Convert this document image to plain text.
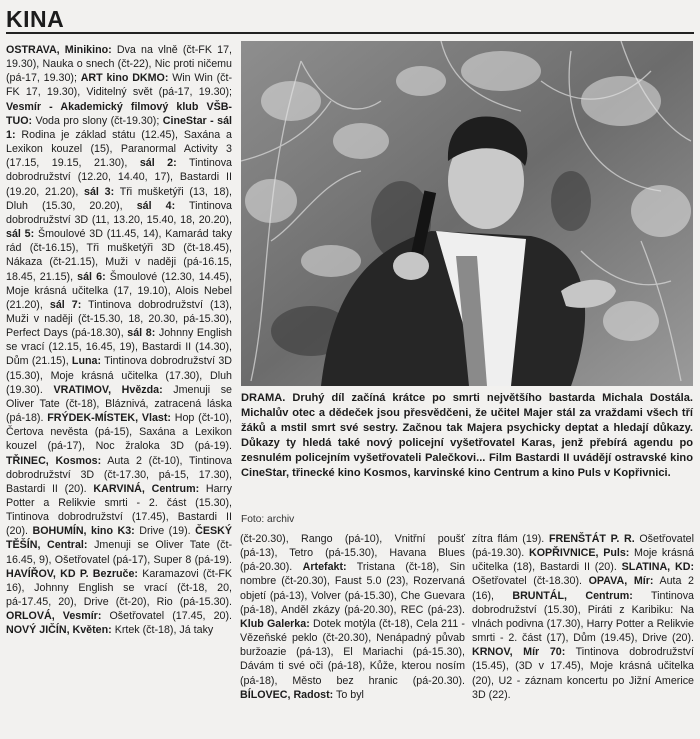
KINA
OSTRAVA, Minikino: Dva na vlně (čt-FK 17, 19.30), Nauka o snech (čt-22), Nic proti ničemu (pá-17, 19.30); ART kino DKMO: Win Win (čt-FK 17, 19.30), Viditelný svět (pá-17, 19.30); Vesmír - Akademický filmový klub VŠB-TUO: Voda pro slony (čt-19.30); CineStar - sál 1: Rodina je základ státu (12.45), Saxána a Lexikon kouzel (15), Paranormal Activity 3 (17.15, 19.15, 21.30), sál 2: Tintinova dobrodružství (12.20, 14.40, 17), Bastardi II (19.20, 21.20), sál 3: Tři mušketýři (13, 18), Dluh (15.30, 20.20), sál 4: Tintinova dobrodružství 3D (11, 13.20, 15.40, 18, 20.20), sál 5: Šmoulové 3D (11.45, 14), Kamarád taky rád (čt-16.15), Tři mušketýři 3D (čt-18.45), Nákaza (čt-21.15), Muži v naději (pá-16.15, 18.45, 21.15), sál 6: Šmoulové (12.30, 14.45), Moje krásná učitelka (17, 19.10), Alois Nebel (21.20), sál 7: Tintinova dobrodružství (13), Muži v naději (čt-15.30, 18, 20.30, pá-15.30), Perfect Days (pá-18.30), sál 8: Johnny English se vrací (12.15, 16.45, 19), Bastardi II (14.30), Dům (21.15), Luna: Tintinova dobrodružství 3D (15.30), Moje krásná učitelka (17.30), Dluh (19.30). VRATIMOV, Hvězda: Jmenuji se Oliver Tate (čt-18), Bláznivá, zatracená láska (pá-18). FRÝDEK-MÍSTEK, Vlast: Hop (čt-10), Čertova nevěsta (pá-15), Saxána a Lexikon kouzel (pá-17), Noc žraloka 3D (pá-19). TŘINEC, Kosmos: Auta 2 (čt-10), Tintinova dobrodružství 3D (čt-17.30, pá-15, 17.30), Bastardi II (20). KARVINÁ, Centrum: Harry Potter a Relikvie smrti - 2. část (15.30), Tintinova dobrodružství (17.45), Bastardi II (20). BOHUMÍN, kino K3: Drive (19). ČESKÝ TĚŠÍN, Central: Jmenuji se Oliver Tate (čt-16.45, 9), Ošetřovatel (pá-17), Super 8 (pá-19). HAVÍŘOV, KD P. Bezruče: Karamazovi (čt-FK 16), Johnny English se vrací (čt-18, 20, pá-17.45, 20), Drive (čt-20), Rio (pá-15.30). ORLOVÁ, Vesmír: Ošetřovatel (17.45, 20). NOVÝ JIČÍN, Květen: Krtek (čt-18), Já taky
DRAMA. Druhý díl začíná krátce po smrti největšího bastarda Michala Dostála. Michalův otec a dědeček jsou přesvědčeni, že učitel Majer stál za vraždami všech tří žáků a mstil smrt své sestry. Začnou tak Majera psychicky deptat a hledají důkazy. Důkazy ty hledá také nový policejní vyšetřovatel Karas, jenž přebírá agendu po zesnulém policejním vyšetřovateli Palečkovi... Film Bastardi II uvádějí ostravské kino CineStar, třinecké kino Kosmos, karvinské kino Centrum a kino Puls v Kopřivnici.
Foto: archiv
(čt-20.30), Rango (pá-10), Vnitřní poušť (pá-13), Tetro (pá-15.30), Havana Blues (pá-20.30). Artefakt: Tristana (čt-18), Sin nombre (čt-20.30), Faust 5.0 (23), Rozervaná objetí (pá-13), Volver (pá-15.30), Che Guevara (pá-18), Anděl zkázy (pá-20.30), REC (pá-23). Klub Galerka: Dotek motýla (čt-18), Cela 211 - Vězeňské peklo (čt-20.30), Nenápadný půvab buržoazie (pá-13), El Mariachi (pá-15.30), Dávám ti své oči (pá-18), Kůže, kterou nosím (pá-18), Město bez hranic (pá-20.30). BÍLOVEC, Radost: To byl
zítra flám (19). FRENŠTÁT P. R. Ošetřovatel (pá-19.30). KOPŘIVNICE, Puls: Moje krásná učitelka (18), Bastardi II (20). SLATINA, KD: Ošetřovatel (čt-18.30). OPAVA, Mír: Auta 2 (16), BRUNTÁL, Centrum: Tintinova dobrodružství (15.30), Piráti z Karibiku: Na vlnách podivna (17.30), Harry Potter a Relikvie smrti - 2. část (17), Dům (19.45), Drive (20). KRNOV, Mír 70: Tintinova dobrodružství (15.45), (3D v 17.45), Moje krásná učitelka (20), U2 - záznam koncertu po Jižní Americe 3D (22).
